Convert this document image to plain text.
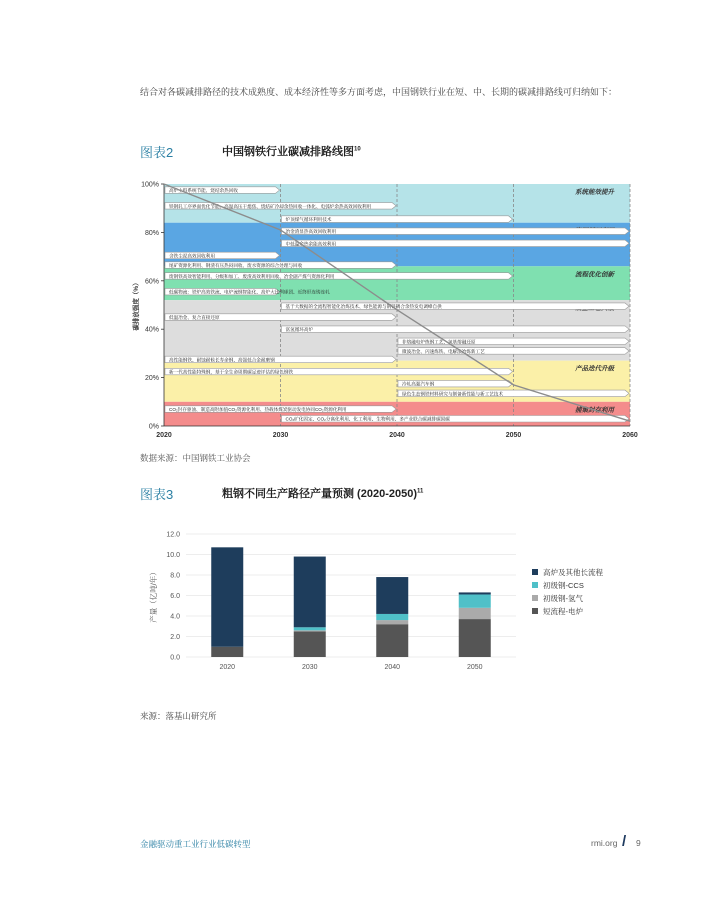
结合对各碳减排路径的技术成熟度、成本经济性等多方面考虑，中国钢铁行业在短、中、长期的碳减排路线可归纳如下：

图表2	中国钢铁行业碳减排路线图$^{10}$
系统能效提升
流程优化创新
产品迭代升级
捕集封存利用
2020	2030	2040	2050	2060
100%
80%
60%
40%
20%
0%
碳排放强度（%）
高炉上料系统节能、烧结余热回收
铁钢轧工序界面优化节能、高温高压干熄焦、烧结矿冷却余热回收一体化、电弧炉余热高效回收利用
炉顶煤气循环利用技术
冶金渣显热高效回收利用
中低温余热余能高效利用
含铁尘泥高效回收利用
尾矿资源化利用、钢渣有压热闷回收、废水资源的综合处理与回收
废钢铁高效智能利用、分级和加工、废渣高效利用回收、冶金副产煤气资源化利用
低碳物流：铁炉高效铁流、电炉流钢智能化、高炉大比例球团、近终形连铸连轧
基于大数据的全流程智能化冶炼技术、绿色能源与钢铁耦合余热发电调峰自供
低温冶金、复合直接还原
富氢循环高炉
非熔融电炉炼钢工艺、氢基熔融还原
微波冶金、闪速炼铁、电解法冶炼新工艺
高性能钢铁、耐蚀耐候长寿命钢、高强低合金耐磨钢
新一代高性能特殊钢，基于全生命周期碳足迹评估的绿色钢铁
冷轧高强汽车钢
绿色生态钢铁材料研究与制备新性能与新工艺技术
CO₂封存驱油、制造高附加值CO₂资源化利用、热载体煤炭驱动发电协同CO₂资源化利用
CO₂矿化固定、CO₂分离化利用、化工利用、生物利用、多产业联合碳减排碳固碳
数据来源：中国钢铁工业协会
图表3	粗钢不同生产路径产量预测 (2020-2050)$^{11}$
0.0
2.0
4.0
6.0
8.0
10.0
12.0
产量（亿吨/年）
2020	2030	2040	2050
高炉及其他长流程
初级钢-CCS
初级钢-氢气
短流程-电炉
来源：落基山研究所
金融驱动重工业行业低碳转型	rmi.org / 9
